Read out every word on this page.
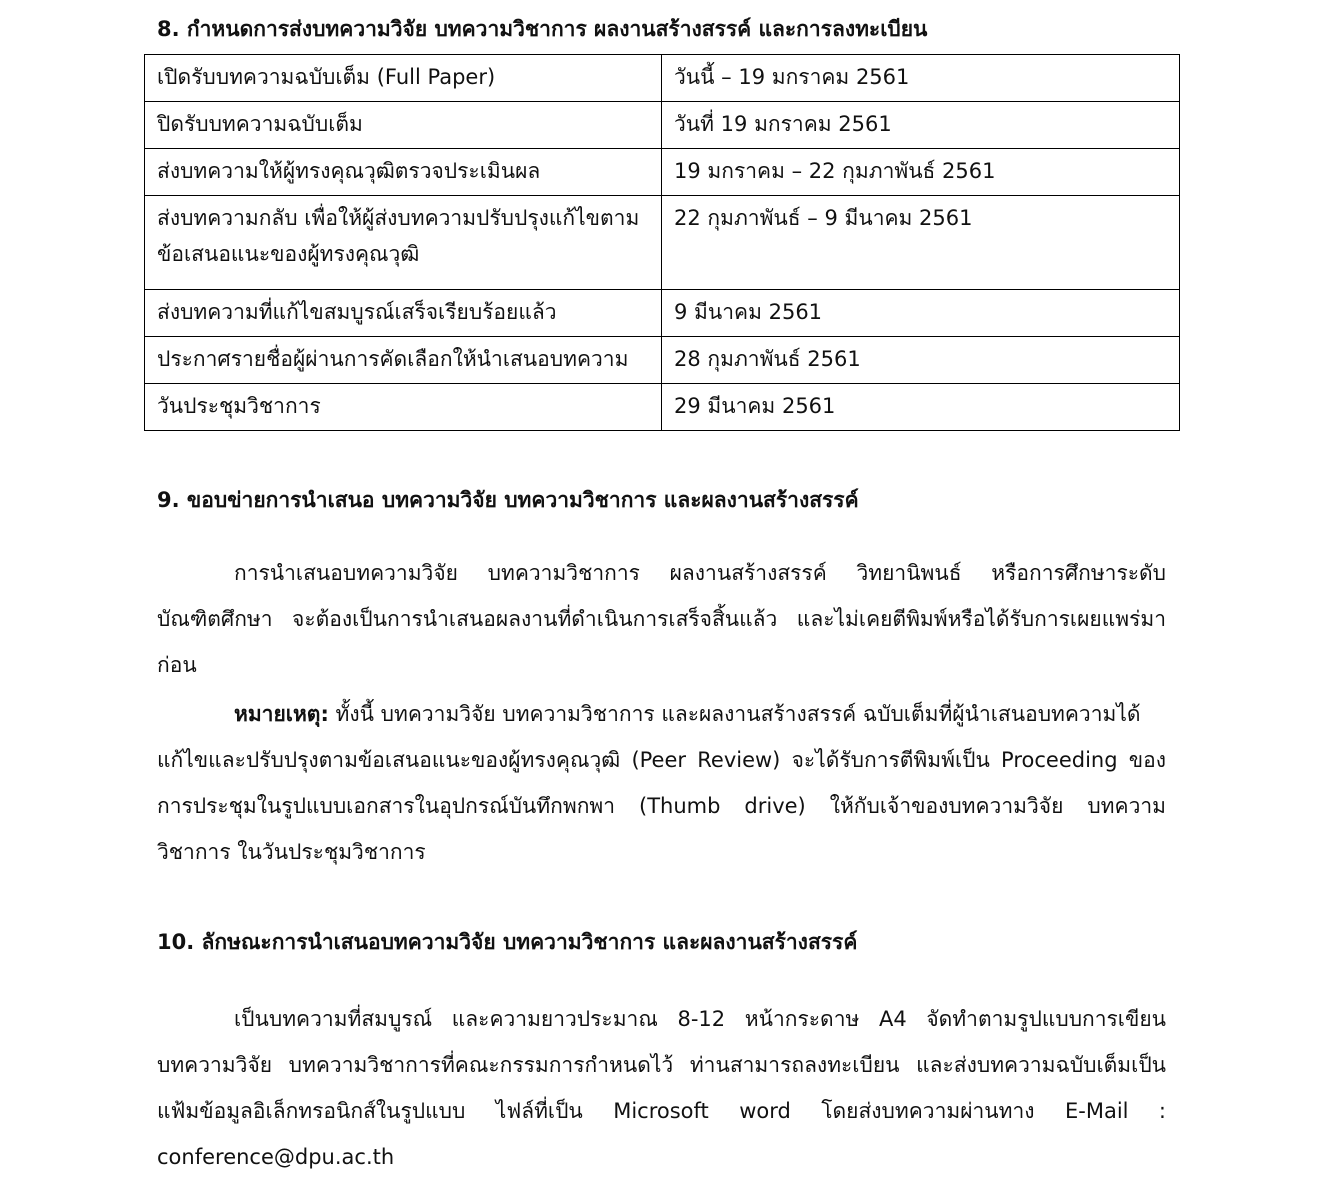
8. กำหนดการส่งบทความวิจัย บทความวิชาการ ผลงานสร้างสรรค์ และการลงทะเบียน
เปิดรับบทความฉบับเต็ม (Full Paper)	วันนี้ – 19 มกราคม 2561

ปิดรับบทความฉบับเต็ม	วันที่ 19 มกราคม 2561

ส่งบทความให้ผู้ทรงคุณวุฒิตรวจประเมินผล	19 มกราคม – 22 กุมภาพันธ์ 2561

ส่งบทความกลับ เพื่อให้ผู้ส่งบทความปรับปรุงแก้ไขตาม
ข้อเสนอแนะของผู้ทรงคุณวุฒิ	22 กุมภาพันธ์ – 9 มีนาคม 2561

ส่งบทความที่แก้ไขสมบูรณ์เสร็จเรียบร้อยแล้ว	9 มีนาคม 2561

ประกาศรายชื่อผู้ผ่านการคัดเลือกให้นำเสนอบทความ	28 กุมภาพันธ์ 2561

วันประชุมวิชาการ	29 มีนาคม 2561
9. ขอบข่ายการนำเสนอ บทความวิจัย บทความวิชาการ และผลงานสร้างสรรค์
การนำเสนอบทความวิจัย บทความวิชาการ ผลงานสร้างสรรค์ วิทยานิพนธ์ หรือการศึกษาระดับ
บัณฑิตศึกษา จะต้องเป็นการนำเสนอผลงานที่ดำเนินการเสร็จสิ้นแล้ว และไม่เคยตีพิมพ์หรือได้รับการเผยแพร่มา
ก่อน
หมายเหตุ: ทั้งนี้ บทความวิจัย บทความวิชาการ และผลงานสร้างสรรค์ ฉบับเต็มที่ผู้นำเสนอบทความได้
แก้ไขและปรับปรุงตามข้อเสนอแนะของผู้ทรงคุณวุฒิ (Peer Review) จะได้รับการตีพิมพ์เป็น Proceeding ของ
การประชุมในรูปแบบเอกสารในอุปกรณ์บันทึกพกพา (Thumb drive) ให้กับเจ้าของบทความวิจัย บทความ
วิชาการ ในวันประชุมวิชาการ
10. ลักษณะการนำเสนอบทความวิจัย บทความวิชาการ และผลงานสร้างสรรค์
เป็นบทความที่สมบูรณ์ และความยาวประมาณ 8-12 หน้ากระดาษ A4 จัดทำตามรูปแบบการเขียน
บทความวิจัย บทความวิชาการที่คณะกรรมการกำหนดไว้ ท่านสามารถลงทะเบียน และส่งบทความฉบับเต็มเป็น
แฟ้มข้อมูลอิเล็กทรอนิกส์ในรูปแบบ ไฟล์ที่เป็น Microsoft word โดยส่งบทความผ่านทาง E-Mail :
conference@dpu.ac.th
